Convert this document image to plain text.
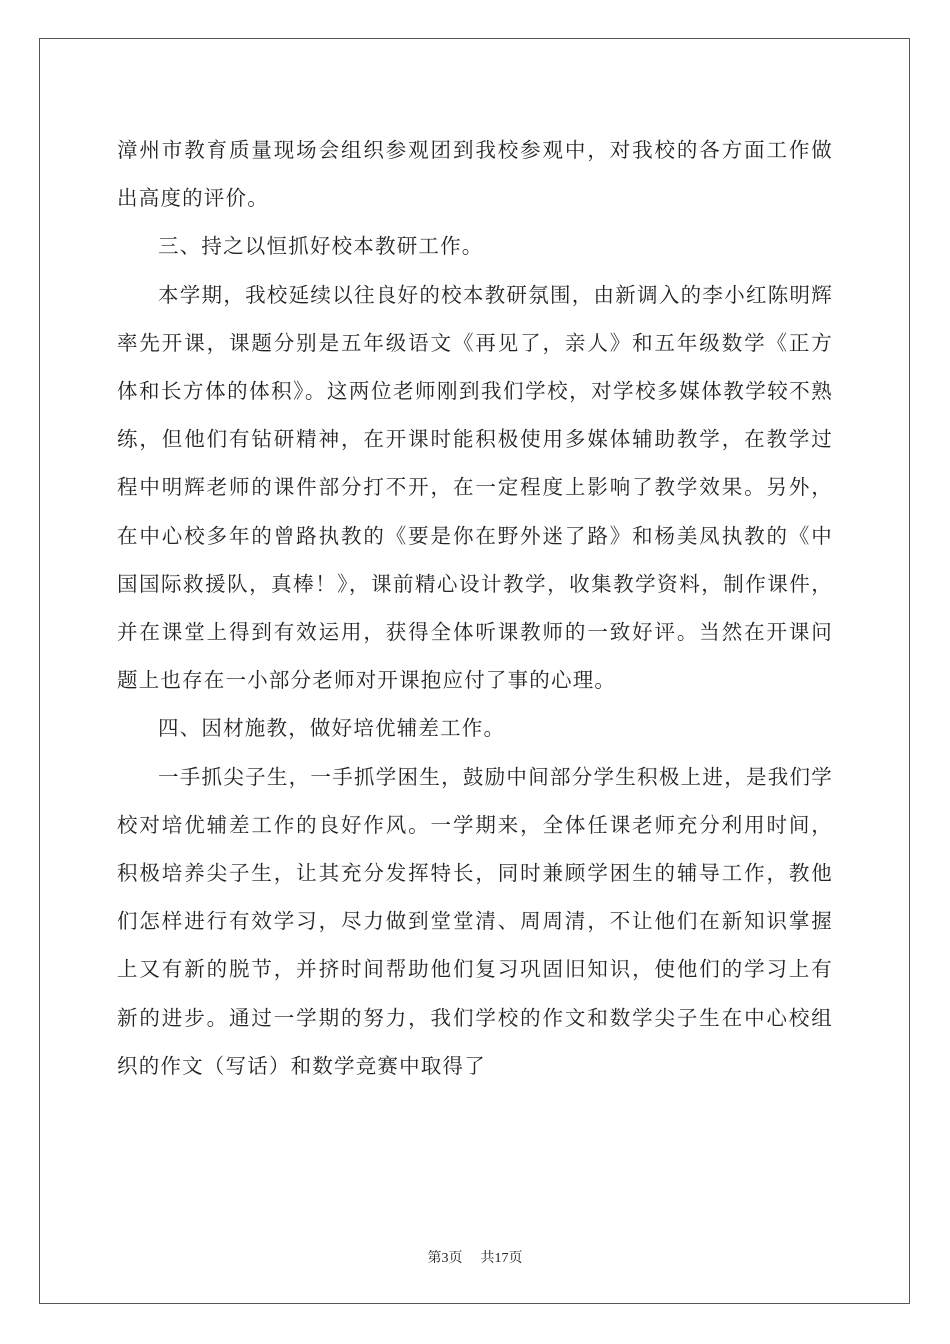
漳州市教育质量现场会组织参观团到我校参观中，对我校的各方面工作做出高度的评价。

三、持之以恒抓好校本教研工作。

本学期，我校延续以往良好的校本教研氛围，由新调入的李小红陈明辉率先开课，课题分别是五年级语文《再见了，亲人》和五年级数学《正方体和长方体的体积》。这两位老师刚到我们学校，对学校多媒体教学较不熟练，但他们有钻研精神，在开课时能积极使用多媒体辅助教学，在教学过程中明辉老师的课件部分打不开，在一定程度上影响了教学效果。另外，在中心校多年的曾路执教的《要是你在野外迷了路》和杨美凤执教的《中国国际救援队，真棒！》，课前精心设计教学，收集教学资料，制作课件，并在课堂上得到有效运用，获得全体听课教师的一致好评。当然在开课问题上也存在一小部分老师对开课抱应付了事的心理。

四、因材施教，做好培优辅差工作。

一手抓尖子生，一手抓学困生，鼓励中间部分学生积极上进，是我们学校对培优辅差工作的良好作风。一学期来，全体任课老师充分利用时间，积极培养尖子生，让其充分发挥特长，同时兼顾学困生的辅导工作，教他们怎样进行有效学习，尽力做到堂堂清、周周清，不让他们在新知识掌握上又有新的脱节，并挤时间帮助他们复习巩固旧知识，使他们的学习上有新的进步。通过一学期的努力，我们学校的作文和数学尖子生在中心校组织的作文（写话）和数学竞赛中取得了

第3页 共17页
